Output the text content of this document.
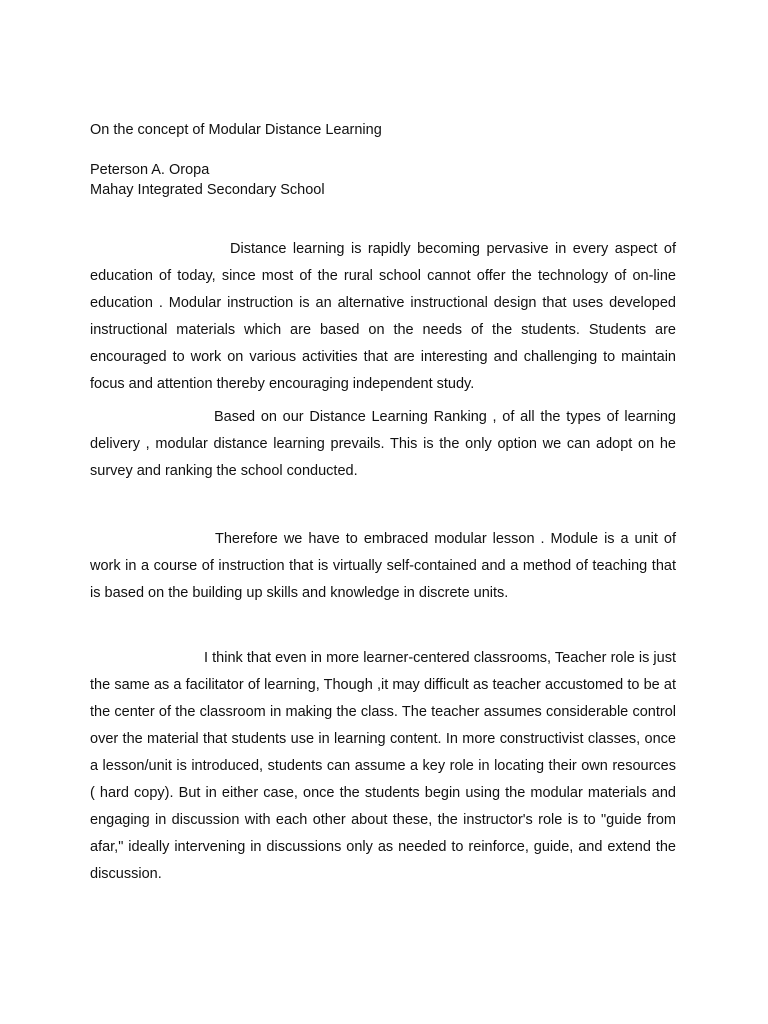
On the concept of Modular Distance Learning

Peterson A. Oropa

Mahay Integrated Secondary School

Distance learning is rapidly becoming pervasive in every aspect of education of today, since most of the rural school cannot offer the technology of on-line education . Modular instruction is an alternative instructional design that uses developed instructional materials which are based on the needs of the students. Students are encouraged to work on various activities that are interesting and challenging to maintain focus and attention thereby encouraging independent study.

Based on our Distance Learning Ranking , of all the types of learning delivery , modular distance learning prevails. This is the only option we can adopt on he survey and ranking the school conducted.

Therefore we have to embraced modular lesson . Module is a unit of work in a course of instruction that is virtually self-contained and a method of teaching that is based on the building up skills and knowledge in discrete units.

I think that even in more learner-centered classrooms, Teacher role is just the same as a facilitator of learning, Though ,it may difficult as teacher accustomed to be at the center of the classroom in making the class. The teacher assumes considerable control over the material that students use in learning content. In more constructivist classes, once a lesson/unit is introduced, students can assume a key role in locating their own resources ( hard copy). But in either case, once the students begin using the modular materials and engaging in discussion with each other about these, the instructor's role is to "guide from afar," ideally intervening in discussions only as needed to reinforce, guide, and extend the discussion.
